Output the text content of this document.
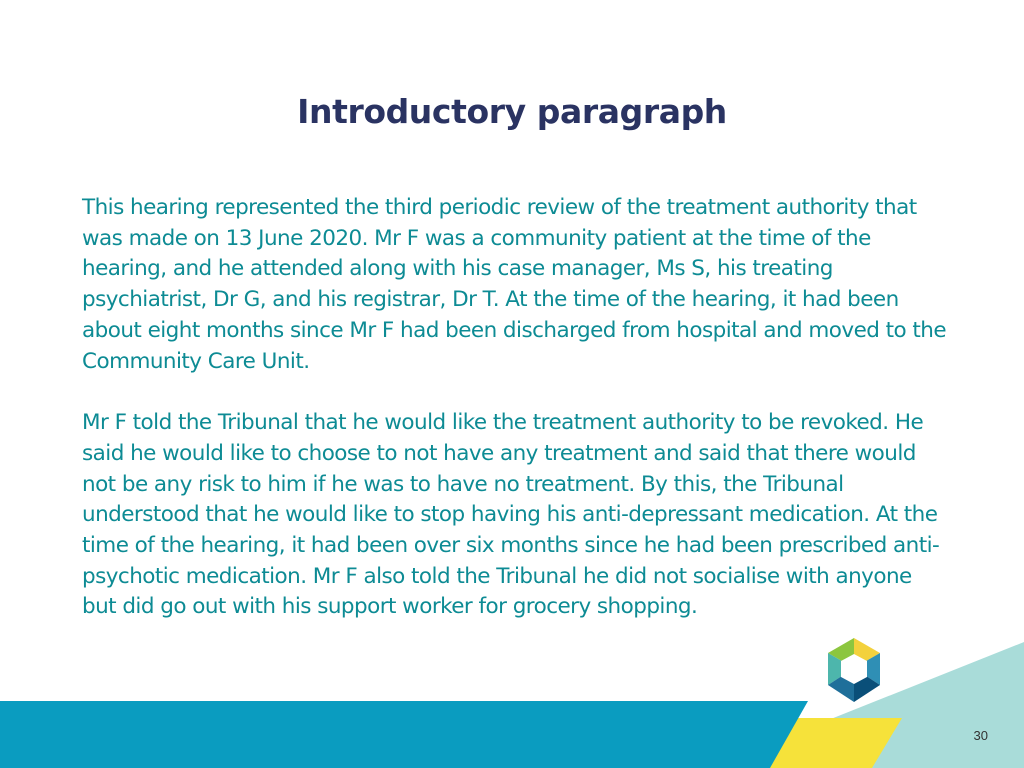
Introductory paragraph

This hearing represented the third periodic review of the treatment authority that was made on 13 June 2020. Mr F was a community patient at the time of the hearing, and he attended along with his case manager, Ms S, his treating psychiatrist, Dr G, and his registrar, Dr T. At the time of the hearing, it had been about eight months since Mr F had been discharged from hospital and moved to the Community Care Unit.

Mr F told the Tribunal that he would like the treatment authority to be revoked. He said he would like to choose to not have any treatment and said that there would not be any risk to him if he was to have no treatment. By this, the Tribunal understood that he would like to stop having his anti-depressant medication. At the time of the hearing, it had been over six months since he had been prescribed anti-psychotic medication. Mr F also told the Tribunal he did not socialise with anyone but did go out with his support worker for grocery shopping.

30
